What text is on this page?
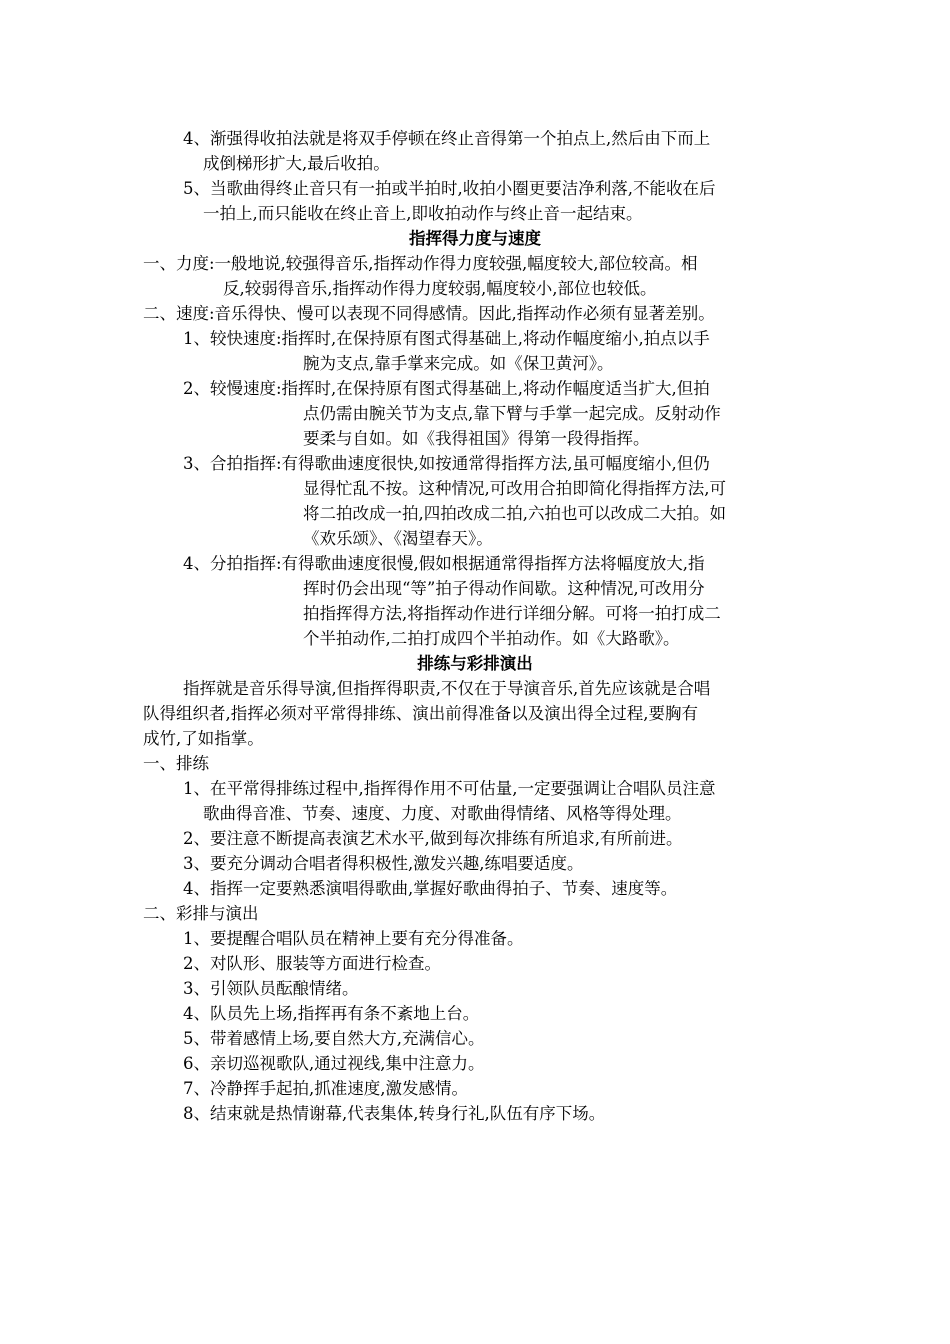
4、渐强得收拍法就是将双手停顿在终止音得第一个拍点上,然后由下而上
成倒梯形扩大,最后收拍。
5、当歌曲得终止音只有一拍或半拍时,收拍小圈更要洁净利落,不能收在后
一拍上,而只能收在终止音上,即收拍动作与终止音一起结束。
指挥得力度与速度
一、力度:一般地说,较强得音乐,指挥动作得力度较强,幅度较大,部位较高。相
反,较弱得音乐,指挥动作得力度较弱,幅度较小,部位也较低。
二、速度:音乐得快、慢可以表现不同得感情。因此,指挥动作必须有显著差别。
1、较快速度:指挥时,在保持原有图式得基础上,将动作幅度缩小,拍点以手
腕为支点,靠手掌来完成。如《保卫黄河》。
2、较慢速度:指挥时,在保持原有图式得基础上,将动作幅度适当扩大,但拍
点仍需由腕关节为支点,靠下臂与手掌一起完成。反射动作
要柔与自如。如《我得祖国》得第一段得指挥。
3、合拍指挥:有得歌曲速度很快,如按通常得指挥方法,虽可幅度缩小,但仍
显得忙乱不按。这种情况,可改用合拍即简化得指挥方法,可
将二拍改成一拍,四拍改成二拍,六拍也可以改成二大拍。如
《欢乐颂》、《渴望春天》。
4、分拍指挥:有得歌曲速度很慢,假如根据通常得指挥方法将幅度放大,指
挥时仍会出现“等”拍子得动作间歇。这种情况,可改用分
拍指挥得方法,将指挥动作进行详细分解。可将一拍打成二
个半拍动作,二拍打成四个半拍动作。如《大路歌》。
排练与彩排演出
指挥就是音乐得导演,但指挥得职责,不仅在于导演音乐,首先应该就是合唱
队得组织者,指挥必须对平常得排练、演出前得准备以及演出得全过程,要胸有
成竹,了如指掌。
一、排练
1、在平常得排练过程中,指挥得作用不可估量,一定要强调让合唱队员注意
歌曲得音准、节奏、速度、力度、对歌曲得情绪、风格等得处理。
2、要注意不断提高表演艺术水平,做到每次排练有所追求,有所前进。
3、要充分调动合唱者得积极性,激发兴趣,练唱要适度。
4、指挥一定要熟悉演唱得歌曲,掌握好歌曲得拍子、节奏、速度等。
二、彩排与演出
1、要提醒合唱队员在精神上要有充分得准备。
2、对队形、服装等方面进行检查。
3、引领队员酝酿情绪。
4、队员先上场,指挥再有条不紊地上台。
5、带着感情上场,要自然大方,充满信心。
6、亲切巡视歌队,通过视线,集中注意力。
7、冷静挥手起拍,抓准速度,激发感情。
8、结束就是热情谢幕,代表集体,转身行礼,队伍有序下场。
